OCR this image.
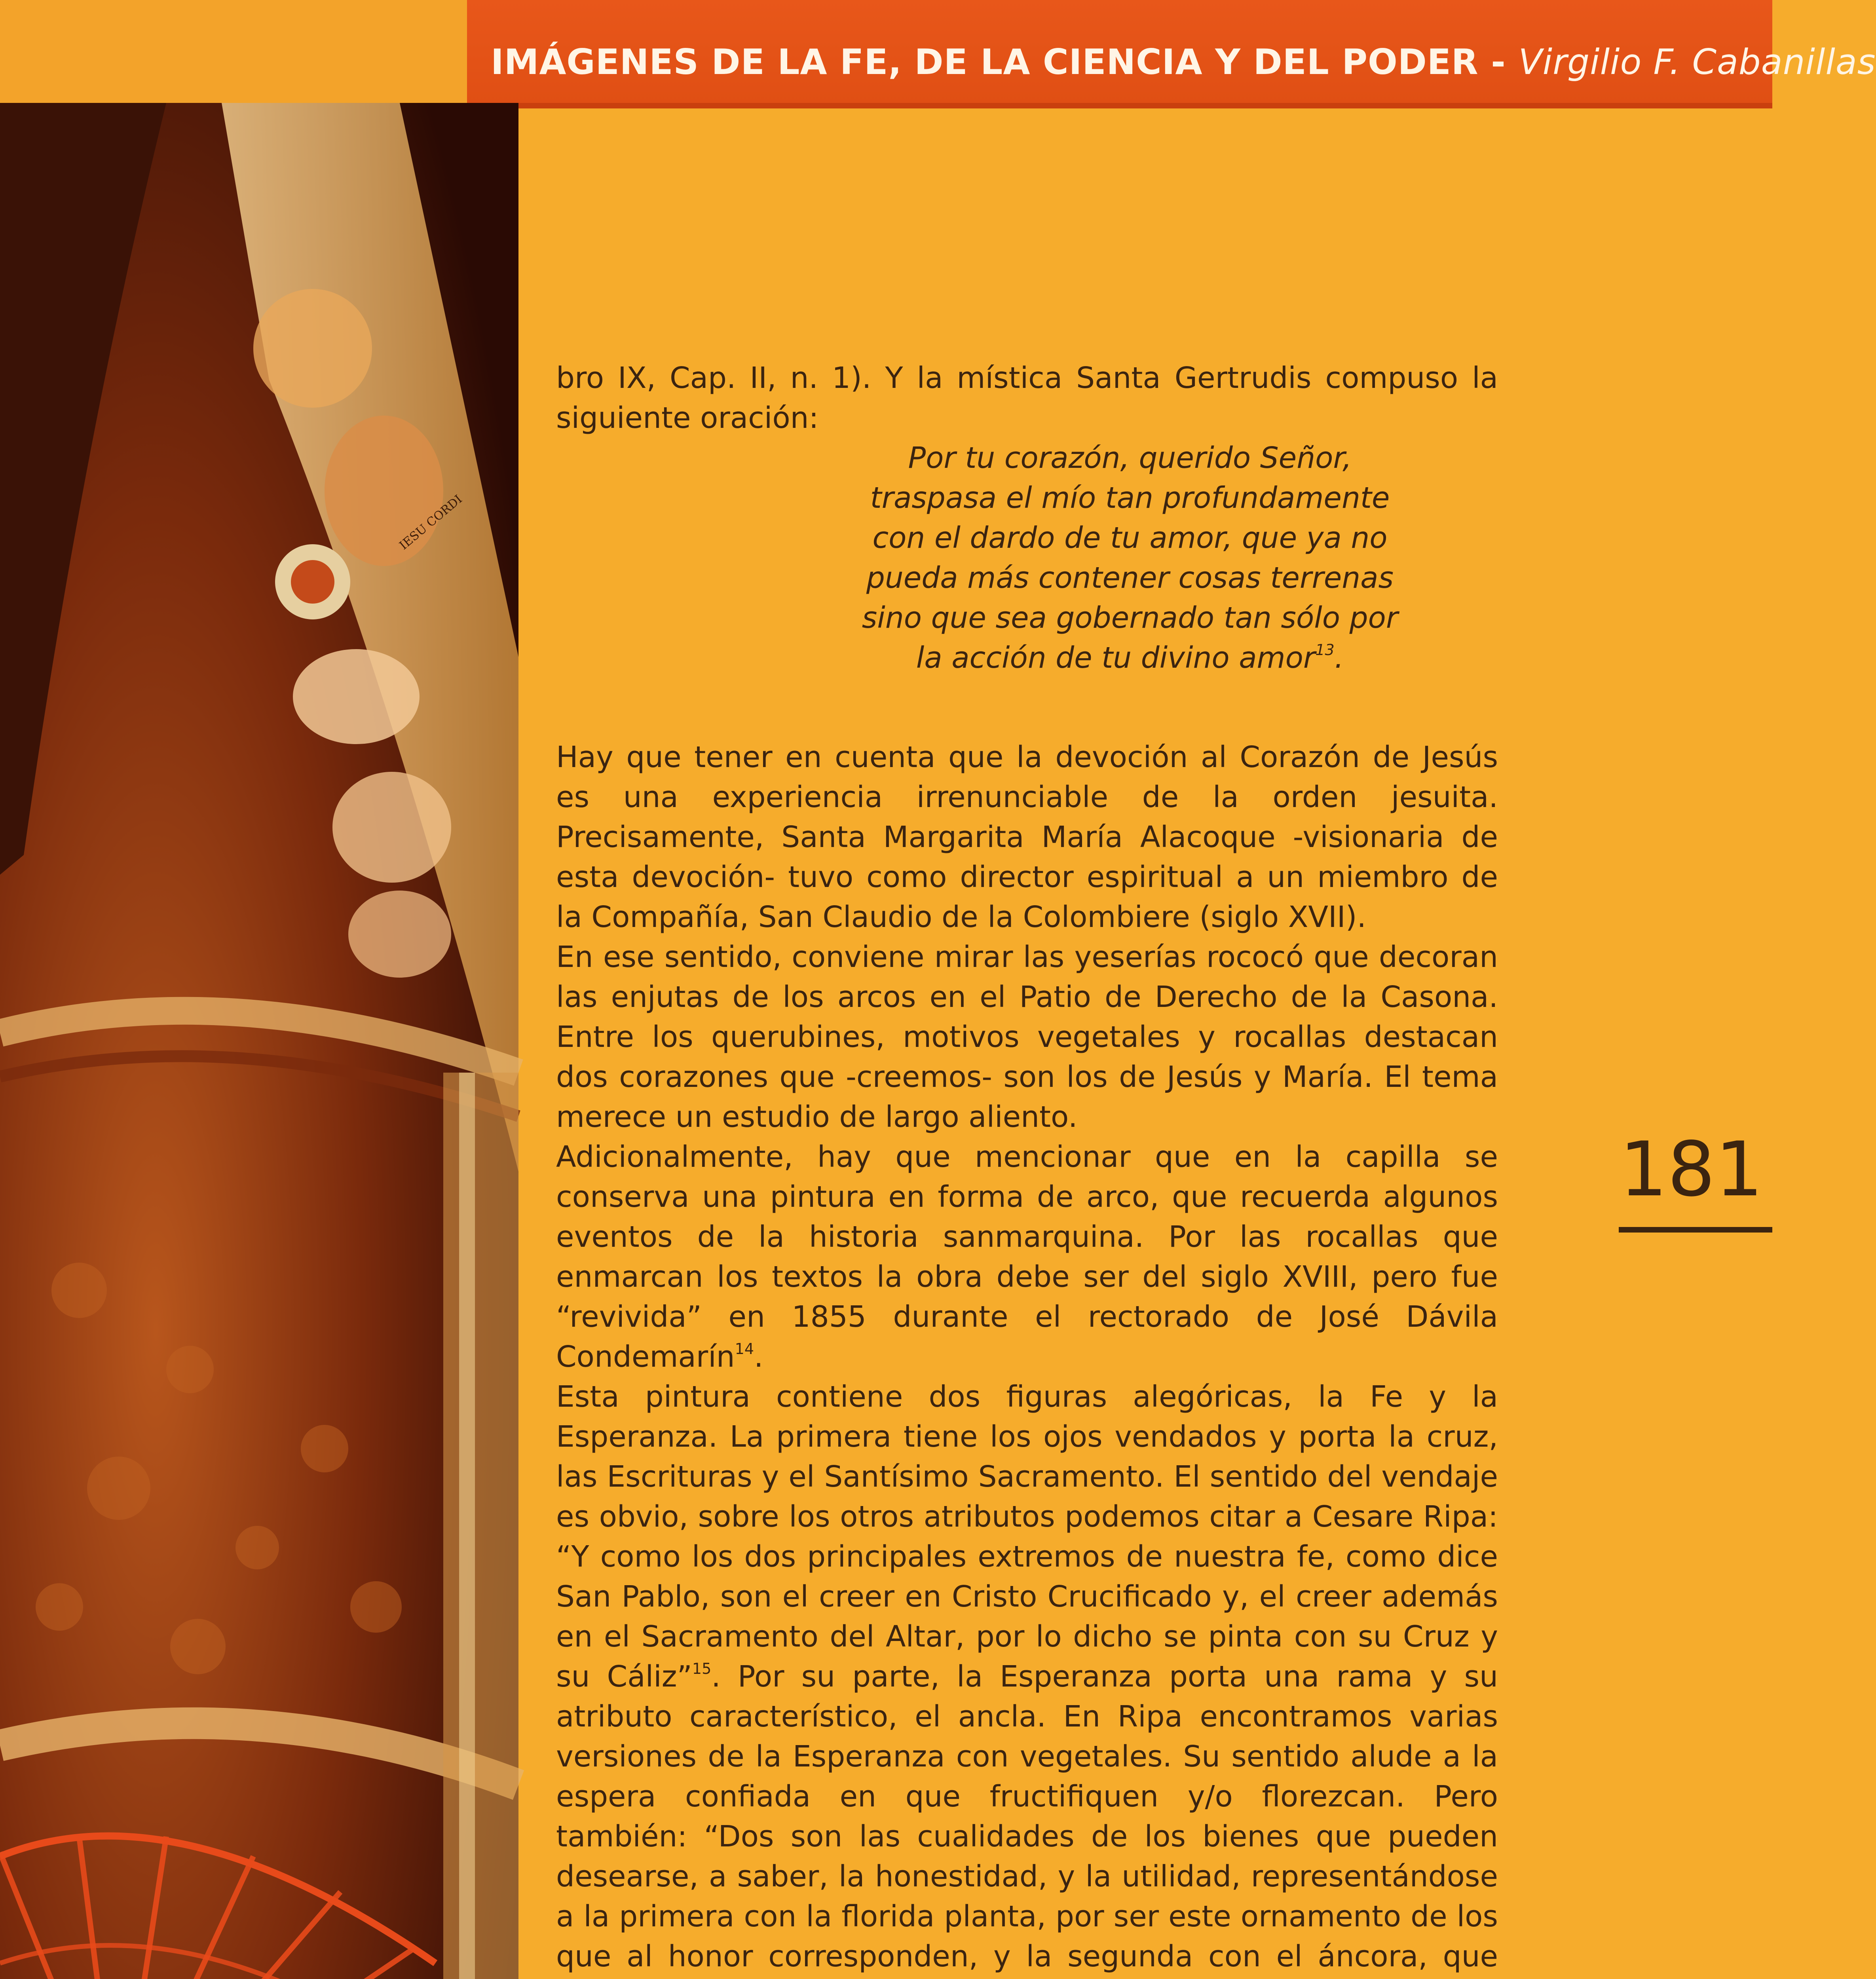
IMÁGENES DE LA FE, DE LA CIENCIA Y DEL PODER - Virgilio F. Cabanillas
IESU CORDI

bro IX, Cap. II, n. 1). Y la mística Santa Gertrudis compuso la siguiente oración:

Por tu corazón, querido Señor,
traspasa el mío tan profundamente
con el dardo de tu amor, que ya no
pueda más contener cosas terrenas
sino que sea gobernado tan sólo por
la acción de tu divino amor$^{13}$.

Hay que tener en cuenta que la devoción al Corazón de Jesús es una experiencia irrenunciable de la orden jesuita. Precisamente, Santa Margarita María Alacoque -visionaria de esta devoción- tuvo como director espiritual a un miembro de la Compañía, San Claudio de la Colombiere (siglo XVII).

En ese sentido, conviene mirar las yeserías rococó que decoran las enjutas de los arcos en el Patio de Derecho de la Casona. Entre los querubines, motivos vegetales y rocallas destacan dos corazones que -creemos- son los de Jesús y María. El tema merece un estudio de largo aliento.

Adicionalmente, hay que mencionar que en la capilla se conserva una pintura en forma de arco, que recuerda algunos eventos de la historia sanmarquina. Por las rocallas que enmarcan los textos la obra debe ser del siglo XVIII, pero fue “revivida” en 1855 durante el rectorado de José Dávila Condemarín$^{14}$.

Esta pintura contiene dos figuras alegóricas, la Fe y la Esperanza. La primera tiene los ojos vendados y porta la cruz, las Escrituras y el Santísimo Sacramento. El sentido del vendaje es obvio, sobre los otros atributos podemos citar a Cesare Ripa: “Y como los dos principales extremos de nuestra fe, como dice San Pablo, son el creer en Cristo Crucificado y, el creer además en el Sacramento del Altar, por lo dicho se pinta con su Cruz y su Cáliz”$^{15}$. Por su parte, la Esperanza porta una rama y su atributo característico, el ancla. En Ripa encontramos varias versiones de la Esperanza con vegetales. Su sentido alude a la espera confiada en que fructifiquen y/o florezcan. Pero también: “Dos son las cualidades de los bienes que pueden desearse, a saber, la honestidad, y la utilidad, representándose a la primera con la florida planta, por ser este ornamento de los que al honor corresponden, y la segunda con el áncora, que

181
